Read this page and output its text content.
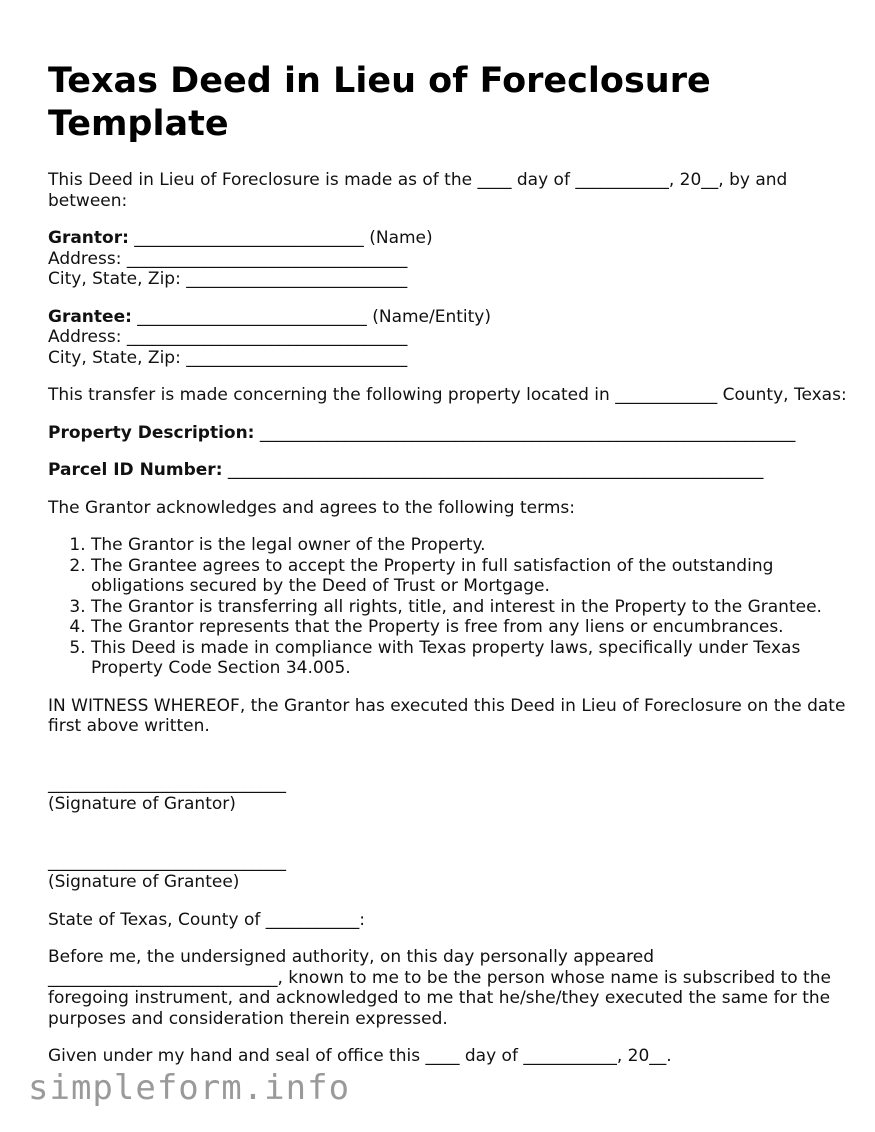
Texas Deed in Lieu of Foreclosure Template

This Deed in Lieu of Foreclosure is made as of the ____ day of ___________, 20__, by and between:

Grantor: ___________________________ (Name)

Address: _________________________________

City, State, Zip: __________________________

Grantee: ___________________________ (Name/Entity)

Address: _________________________________

City, State, Zip: __________________________

This transfer is made concerning the following property located in ____________ County, Texas:

Property Description: _______________________________________________________________

Parcel ID Number: _______________________________________________________________

The Grantor acknowledges and agrees to the following terms:

1. The Grantor is the legal owner of the Property.
2. The Grantee agrees to accept the Property in full satisfaction of the outstanding obligations secured by the Deed of Trust or Mortgage.
3. The Grantor is transferring all rights, title, and interest in the Property to the Grantee.
4. The Grantor represents that the Property is free from any liens or encumbrances.
5. This Deed is made in compliance with Texas property laws, specifically under Texas Property Code Section 34.005.

IN WITNESS WHEREOF, the Grantor has executed this Deed in Lieu of Foreclosure on the date first above written.

____________________________

(Signature of Grantor)

____________________________

(Signature of Grantee)

State of Texas, County of ___________:

Before me, the undersigned authority, on this day personally appeared ___________________________, known to me to be the person whose name is subscribed to the foregoing instrument, and acknowledged to me that he/she/they executed the same for the purposes and consideration therein expressed.

Given under my hand and seal of office this ____ day of ___________, 20__.

simpleform.info
